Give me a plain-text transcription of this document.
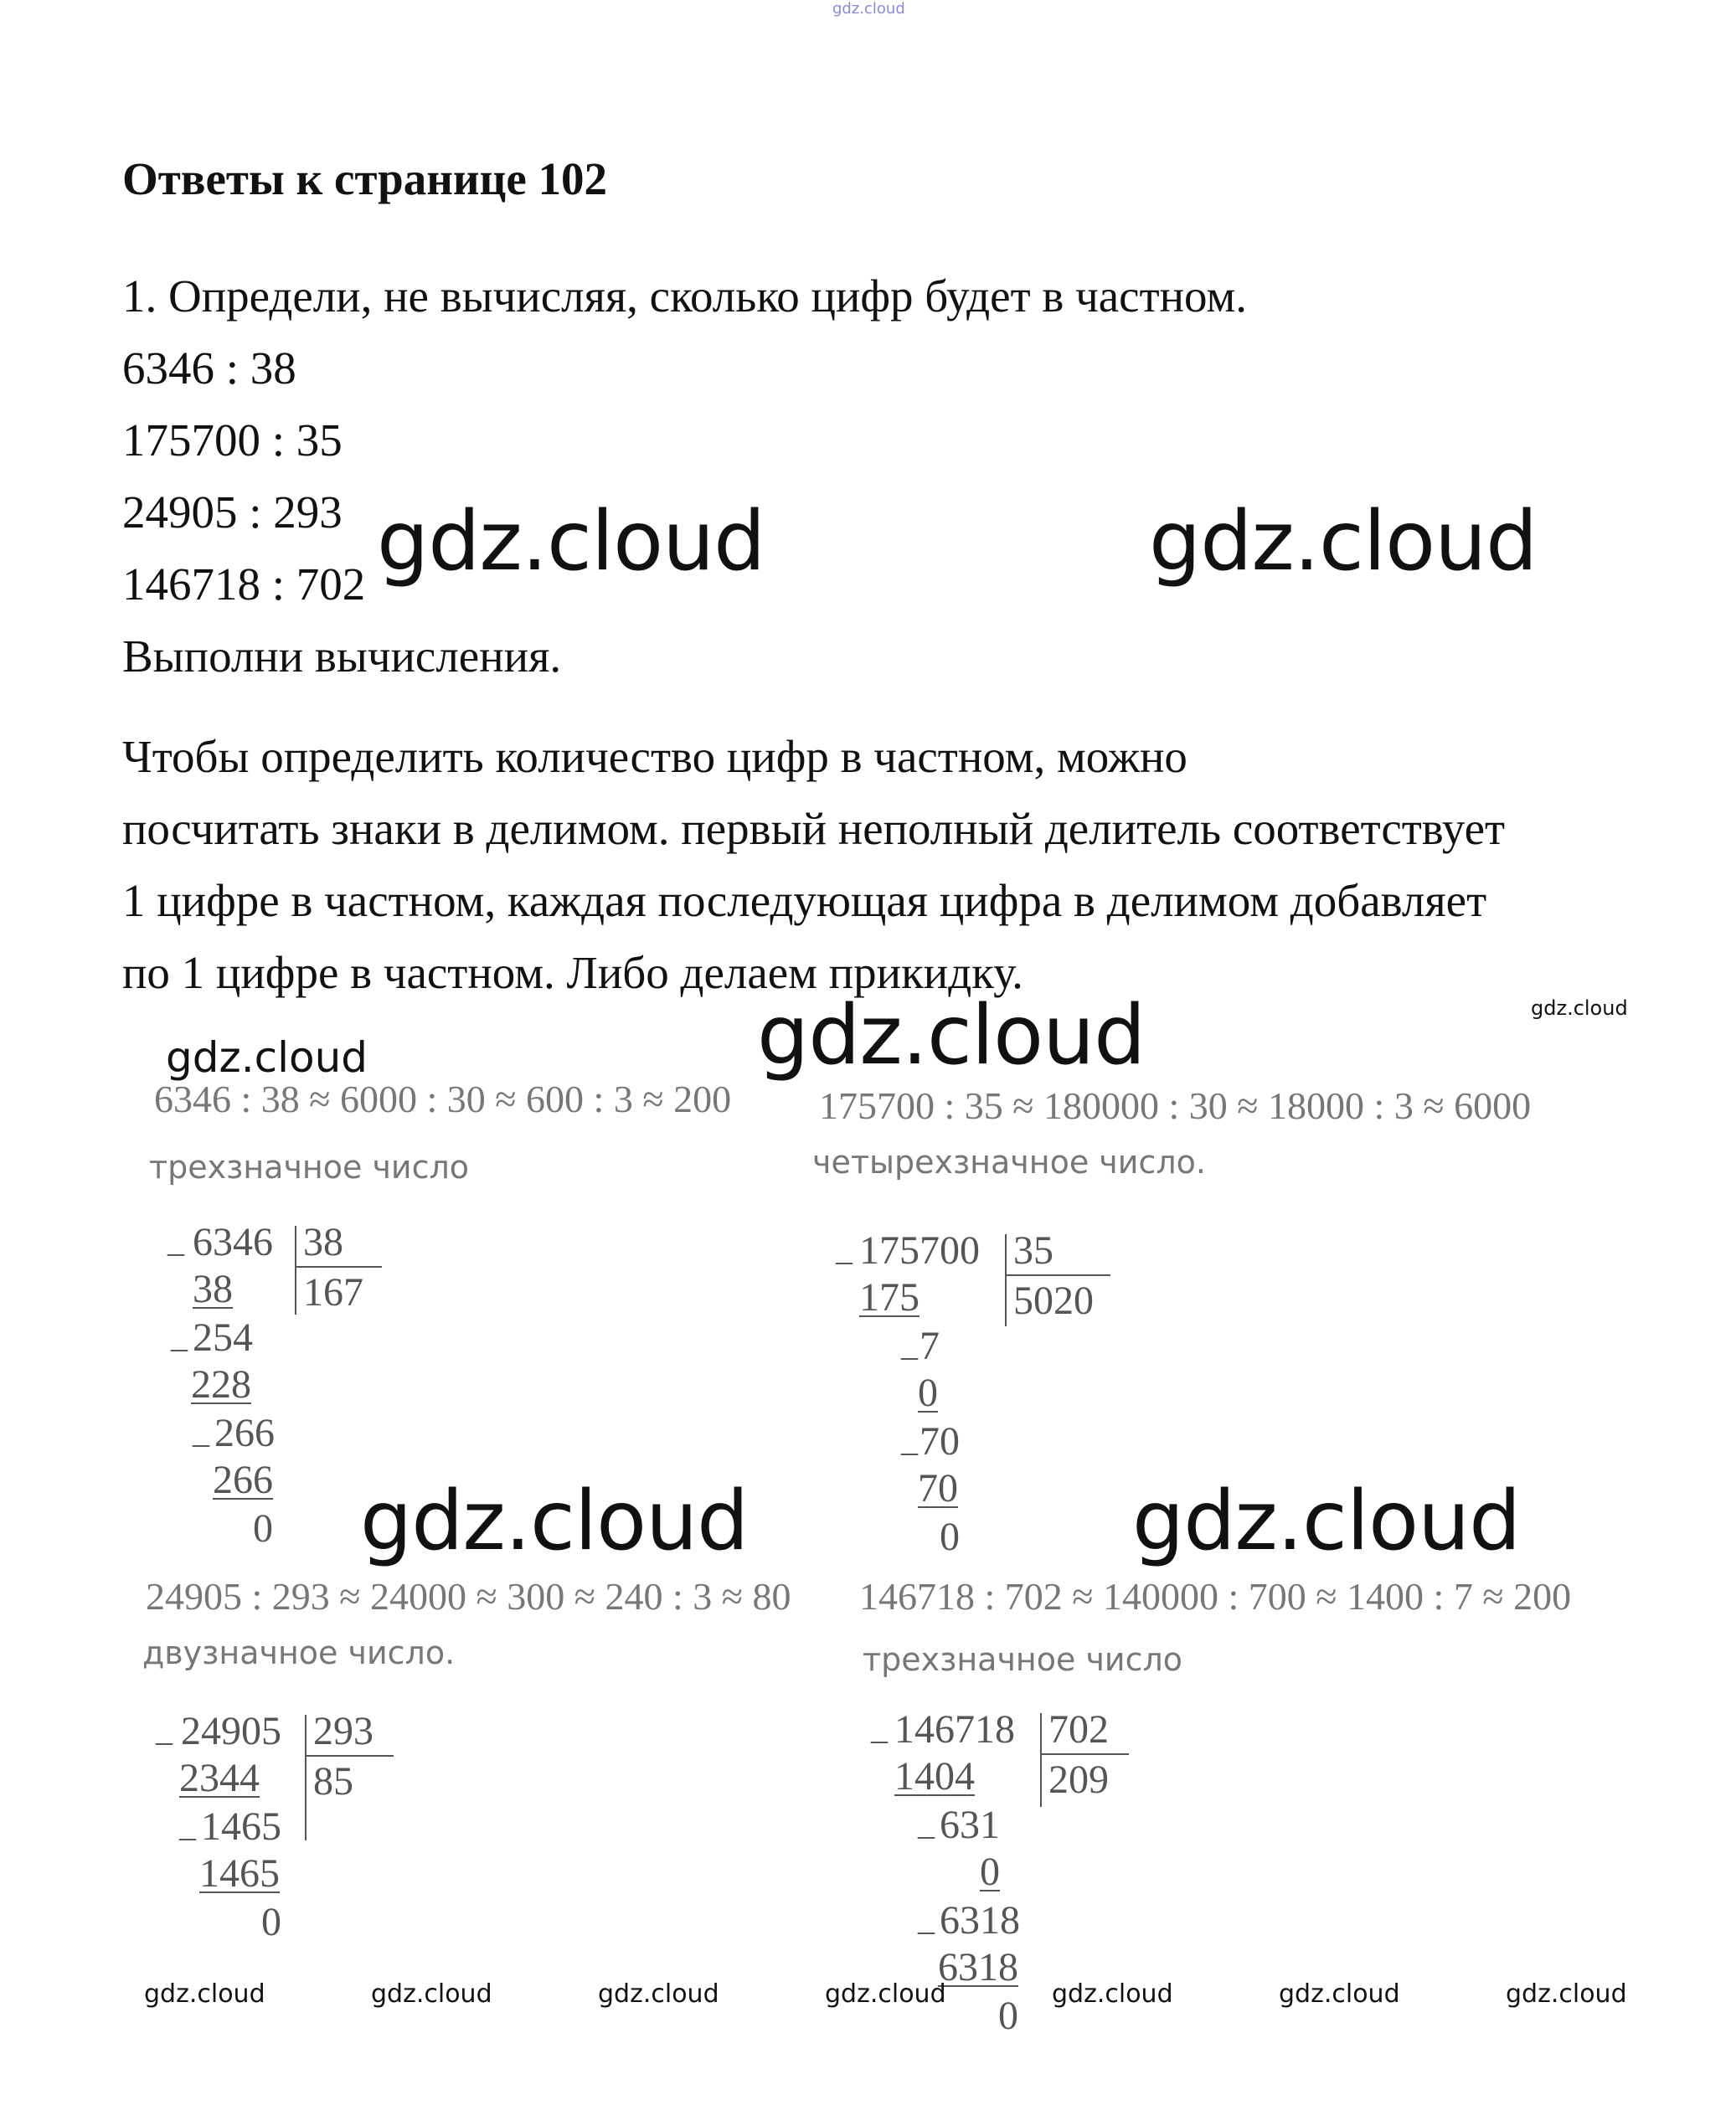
gdz.cloud
Ответы к странице 102
1. Определи, не вычисляя, сколько цифр будет в частном.
6346 : 38
175700 : 35
24905 : 293
146718 : 702
Выполни вычисления.
Чтобы определить количество цифр в частном, можно
посчитать знаки в делимом. первый неполный делитель соответствует
1 цифре в частном, каждая последующая цифра в делимом добавляет
по 1 цифре в частном. Либо делаем прикидку.
gdz.cloud	gdz.cloud
gdz.cloud
gdz.cloud	gdz.cloud
gdz.cloud
gdz.cloud
6346 : 38 ≈ 6000 : 30 ≈ 600 : 3 ≈ 200
трехзначное число
_ 6346 38
167
38
_ 254
228
_ 266
266
0
175700 : 35 ≈ 180000 : 30 ≈ 18000 : 3 ≈ 6000
четырехзначное число.
_ 175700 35
5020
175
_ 7
0
_ 70
70
0
24905 : 293 ≈ 24000 ≈ 300 ≈ 240 : 3 ≈ 80
двузначное число.
_ 24905 293
85
2344
_ 1465
1465
0
146718 : 702 ≈ 140000 : 700 ≈ 1400 : 7 ≈ 200
трехзначное число
_ 146718 702
209
1404
_ 631
0
_ 6318
6318
0
gdz.cloud	gdz.cloud	gdz.cloud	gdz.cloud	gdz.cloud	gdz.cloud	gdz.cloud
